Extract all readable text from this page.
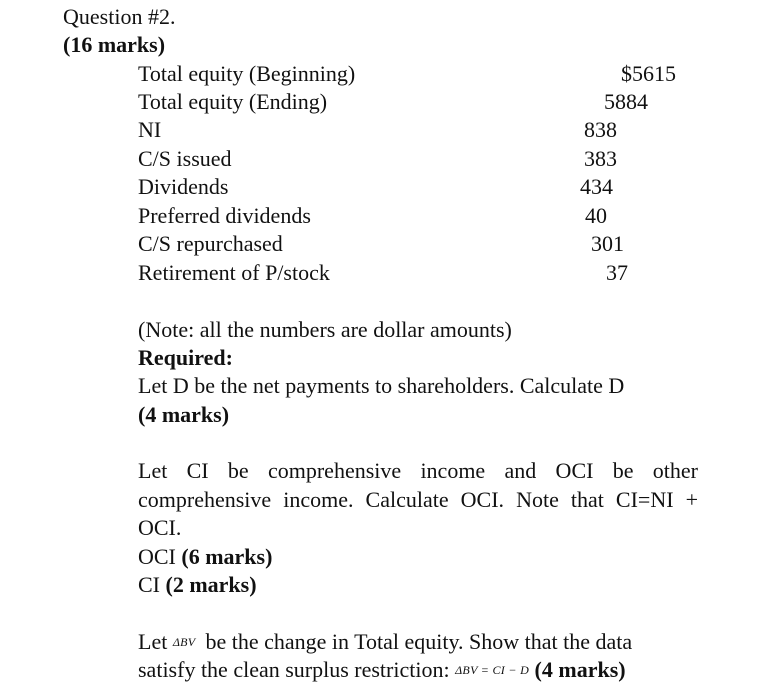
Question #2.
(16 marks)
Total equity (Beginning)	$5615
Total equity (Ending)	5884
NI	838
C/S issued	383
Dividends	434
Preferred dividends	40
C/S repurchased	301
Retirement of P/stock	37
(Note: all the numbers are dollar amounts)
Required:
Let D be the net payments to shareholders. Calculate D
(4 marks)
Let CI be comprehensive income and OCI be other comprehensive income. Calculate OCI. Note that CI=NI + OCI.
OCI (6 marks)
CI (2 marks)
Let ΔBV be the change in Total equity. Show that the data
satisfy the clean surplus restriction: ΔBV = CI − D (4 marks)
